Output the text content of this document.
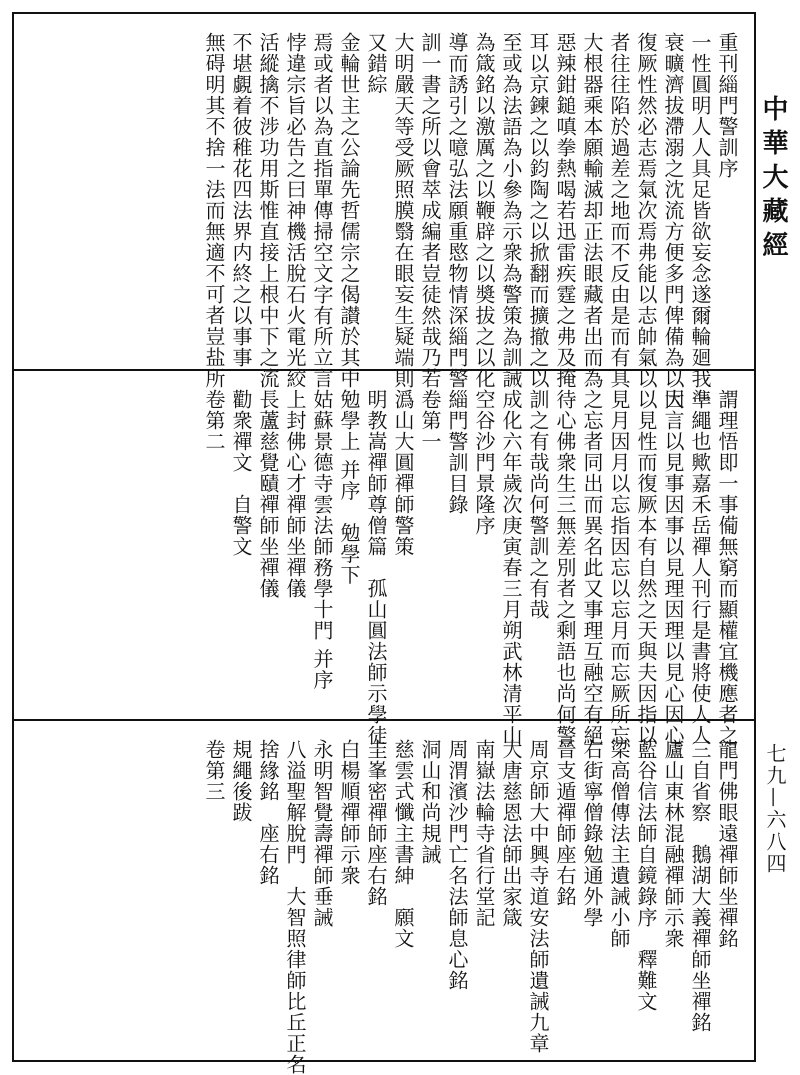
重刊緇門警訓序
一性圓明人人具足皆欲妄念遂爾輪廻我一
衰曠濟拔滯溺之沈流方便多門俾備為以大
復厥性然必志焉氣次焉弗能以志帥氣以
者往往陷於過差之地而不反由是而有具
大根器乘本願輸滅却正法眼藏者出而為
惡辣鉗鎚嗔拳熱喝若迅雷疾霆之弗及掩
耳以京鍊之以鈞陶之以掀翻而擴撤之以
至或為法語為小參為示衆為警策為訓誡
為箴銘以激厲之以鞭辟之以奬拔之以化
導而誘引之噫弘法願重愍物情深緇門警
訓一書之所以會萃成編者豈徒然哉乃若
大明嚴天等受厥照膜翳在眼妄生疑端則
又錯綜
金輪世主之公論先哲儒宗之偈讃於其中
焉或者以為直指單傳掃空文字有所立言
悖違宗旨必告之曰神機活脫石火電光絞
活縱擒不涉功用斯惟直接上根中下之流
不堪覷着彼稚花四法界内終之以事事
無碍明其不捨一法而無適不可者豈盐所
謂理悟即一事僃無窮而顯權宜機應者之
準繩也歟嘉禾岳禪人刊行是書將使人人
因言以見事因事以見理因理以見心因心
以見性而復厥本有自然之天與夫因指以
見月因月以忘指因忘以忘月而忘厥所忘
之忘者同出而異名此又事理互融空有絕
待心佛衆生三無差別者之剩語也尚何警
訓之有哉尚何警訓之有哉
成化六年歲次庚寅春三月朔武林清平山
空谷沙門景隆序
緇門警訓目錄
卷第一
潙山大圓禪師警策
明教嵩禪師尊僧篇　孤山圓法師示學徒
勉學上 并序　勉學下
姑蘇景德寺雲法師務學十門 并序
上封佛心才禪師坐禪儀
長蘆慈覺賾禪師坐禪儀
勸衆禪文　自警文
卷第二
龍門佛眼遠禪師坐禪銘
三自省察　鵝湖大義禪師坐禪銘
廬山東林混融禪師示衆
藍谷信法師自鏡錄序　釋難文
梁高僧傳法主遺誡小師
右街寧僧錄勉通外學
晉支遁禪師座右銘
周京師大中興寺道安法師遺誡九章
大唐慈恩法師出家箴
南嶽法輪寺省行堂記
周渭濱沙門亡名法師息心銘
洞山和尚規誡
慈雲式懺主書紳　願文
圭峯密禪師座右銘
白楊順禪師示衆
永明智覺壽禪師垂誡
八溢聖解脫門　大智照律師比丘正名
捨緣銘　座右銘
規繩後跋
卷第三
中華大藏經
七九—六八四
